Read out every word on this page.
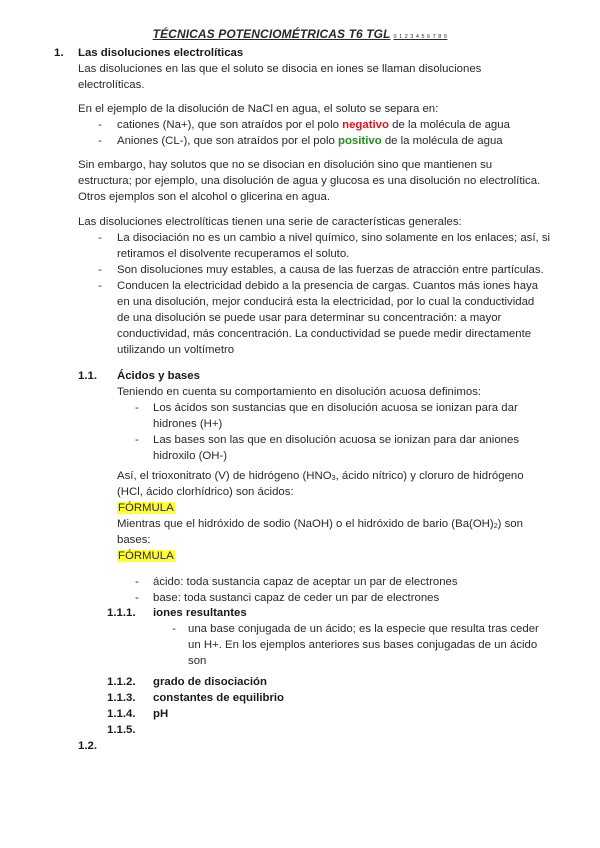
TÉCNICAS POTENCIOMÉTRICAS T6 TGL 0 1 2 3 4 5 6 7 8 9
1. Las disoluciones electrolíticas
Las disoluciones en las que el soluto se disocia en iones se llaman disoluciones
electrolíticas.
En el ejemplo de la disolución de NaCl en agua, el soluto se separa en:
- cationes (Na+), que son atraídos por el polo negativo de la molécula de agua
- Aniones (CL-), que son atraídos por el polo positivo de la molécula de agua
Sin embargo, hay solutos que no se disocian en disolución sino que mantienen su
estructura; por ejemplo, una disolución de agua y glucosa es una disolución no electrolítica.
Otros ejemplos son el alcohol o glicerina en agua.
Las disoluciones electrolíticas tienen una serie de características generales:
- La disociación no es un cambio a nivel químico, sino solamente en los enlaces; así, si
retiramos el disolvente recuperamos el soluto.
- Son disoluciones muy estables, a causa de las fuerzas de atracción entre partículas.
- Conducen la electricidad debido a la presencia de cargas. Cuantos más iones haya
en una disolución, mejor conducirá esta la electricidad, por lo cual la conductividad
de una disolución se puede usar para determinar su concentración: a mayor
conductividad, más concentración. La conductividad se puede medir directamente
utilizando un voltímetro
1.1. Ácidos y bases
Teniendo en cuenta su comportamiento en disolución acuosa definimos:
- Los ácidos son sustancias que en disolución acuosa se ionizan para dar
hidrones (H+)
- Las bases son las que en disolución acuosa se ionizan para dar aniones
hidroxilo (OH-)
Así, el trioxonitrato (V) de hidrógeno ($HNO_3$, ácido nítrico) y cloruro de hidrógeno
(HCl, ácido clorhídrico) son ácidos:
FÓRMULA
Mientras que el hidróxido de sodio (NaOH) o el hidróxido de bario $(Ba(OH)_2)$ son
bases:
FÓRMULA
- ácido: toda sustancia capaz de aceptar un par de electrones
- base: toda sustanci capaz de ceder un par de electrones
1.1.1. iones resultantes
- una base conjugada de un ácido; es la especie que resulta tras ceder
un H+. En los ejemplos anteriores sus bases conjugadas de un ácido
son
1.1.2. grado de disociación
1.1.3. constantes de equilibrio
1.1.4. pH
1.1.5.
1.2.
